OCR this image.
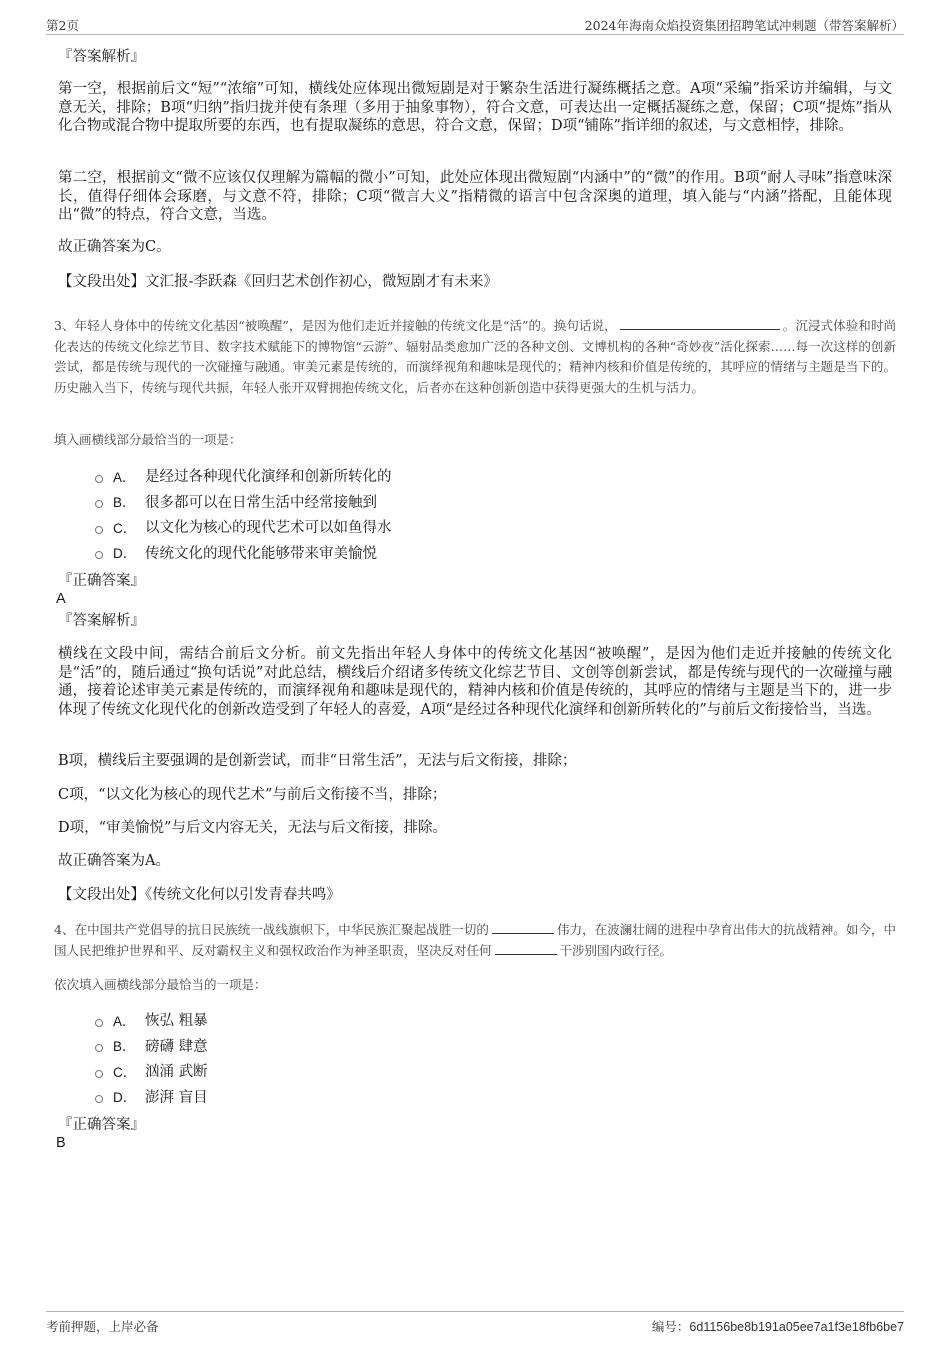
第2页	2024年海南众焰投资集团招聘笔试冲刺题（带答案解析）
『答案解析』

第一空，根据前后文“短”“浓缩”可知，横线处应体现出微短剧是对于繁杂生活进行凝练概括之意。A项“采编”指采访并编辑，与文意无关，排除；B项“归纳”指归拢并使有条理（多用于抽象事物），符合文意，可表达出一定概括凝练之意，保留；C项“提炼”指从化合物或混合物中提取所要的东西，也有提取凝练的意思，符合文意，保留；D项“铺陈”指详细的叙述，与文意相悖，排除。

第二空，根据前文“微不应该仅仅理解为篇幅的微小”可知，此处应体现出微短剧“内涵中”的“微”的作用。B项“耐人寻味”指意味深长，值得仔细体会琢磨，与文意不符，排除；C项“微言大义”指精微的语言中包含深奥的道理，填入能与“内涵”搭配，且能体现出“微”的特点，符合文意，当选。

故正确答案为C。

【文段出处】文汇报-李跃森《回归艺术创作初心，微短剧才有未来》

3、年轻人身体中的传统文化基因“被唤醒”，是因为他们走近并接触的传统文化是“活”的。换句话说，	。沉浸式体验和时尚化表达的传统文化综艺节目、数字技术赋能下的博物馆“云游”、辐射品类愈加广泛的各种文创、文博机构的各种“奇妙夜”活化探索……每一次这样的创新尝试，都是传统与现代的一次碰撞与融通。审美元素是传统的，而演绎视角和趣味是现代的；精神内核和价值是传统的，其呼应的情绪与主题是当下的。历史融入当下，传统与现代共振，年轻人张开双臂拥抱传统文化，后者亦在这种创新创造中获得更强大的生机与活力。

填入画横线部分最恰当的一项是：
A． 是经过各种现代化演绎和创新所转化的
B． 很多都可以在日常生活中经常接触到
C． 以文化为核心的现代艺术可以如鱼得水
D． 传统文化的现代化能够带来审美愉悦
『正确答案』
A
『答案解析』

横线在文段中间，需结合前后文分析。前文先指出年轻人身体中的传统文化基因“被唤醒”，是因为他们走近并接触的传统文化是“活”的，随后通过“换句话说”对此总结，横线后介绍诸多传统文化综艺节目、文创等创新尝试，都是传统与现代的一次碰撞与融通，接着论述审美元素是传统的，而演绎视角和趣味是现代的，精神内核和价值是传统的，其呼应的情绪与主题是当下的，进一步体现了传统文化现代化的创新改造受到了年轻人的喜爱，A项“是经过各种现代化演绎和创新所转化的”与前后文衔接恰当，当选。

B项，横线后主要强调的是创新尝试，而非“日常生活”，无法与后文衔接，排除；

C项，“以文化为核心的现代艺术”与前后文衔接不当，排除；

D项，“审美愉悦”与后文内容无关，无法与后文衔接，排除。

故正确答案为A。

【文段出处】《传统文化何以引发青春共鸣》

4、在中国共产党倡导的抗日民族统一战线旗帜下，中华民族汇聚起战胜一切的	伟力，在波澜壮阔的进程中孕育出伟大的抗战精神。如今，中国人民把维护世界和平、反对霸权主义和强权政治作为神圣职责，坚决反对任何	干涉别国内政行径。

依次填入画横线部分最恰当的一项是：
A． 恢弘 粗暴
B． 磅礴 肆意
C． 汹涌 武断
D． 澎湃 盲目
『正确答案』
B
考前押题，上岸必备	编号：6d1156be8b191a05ee7a1f3e18fb6be7
